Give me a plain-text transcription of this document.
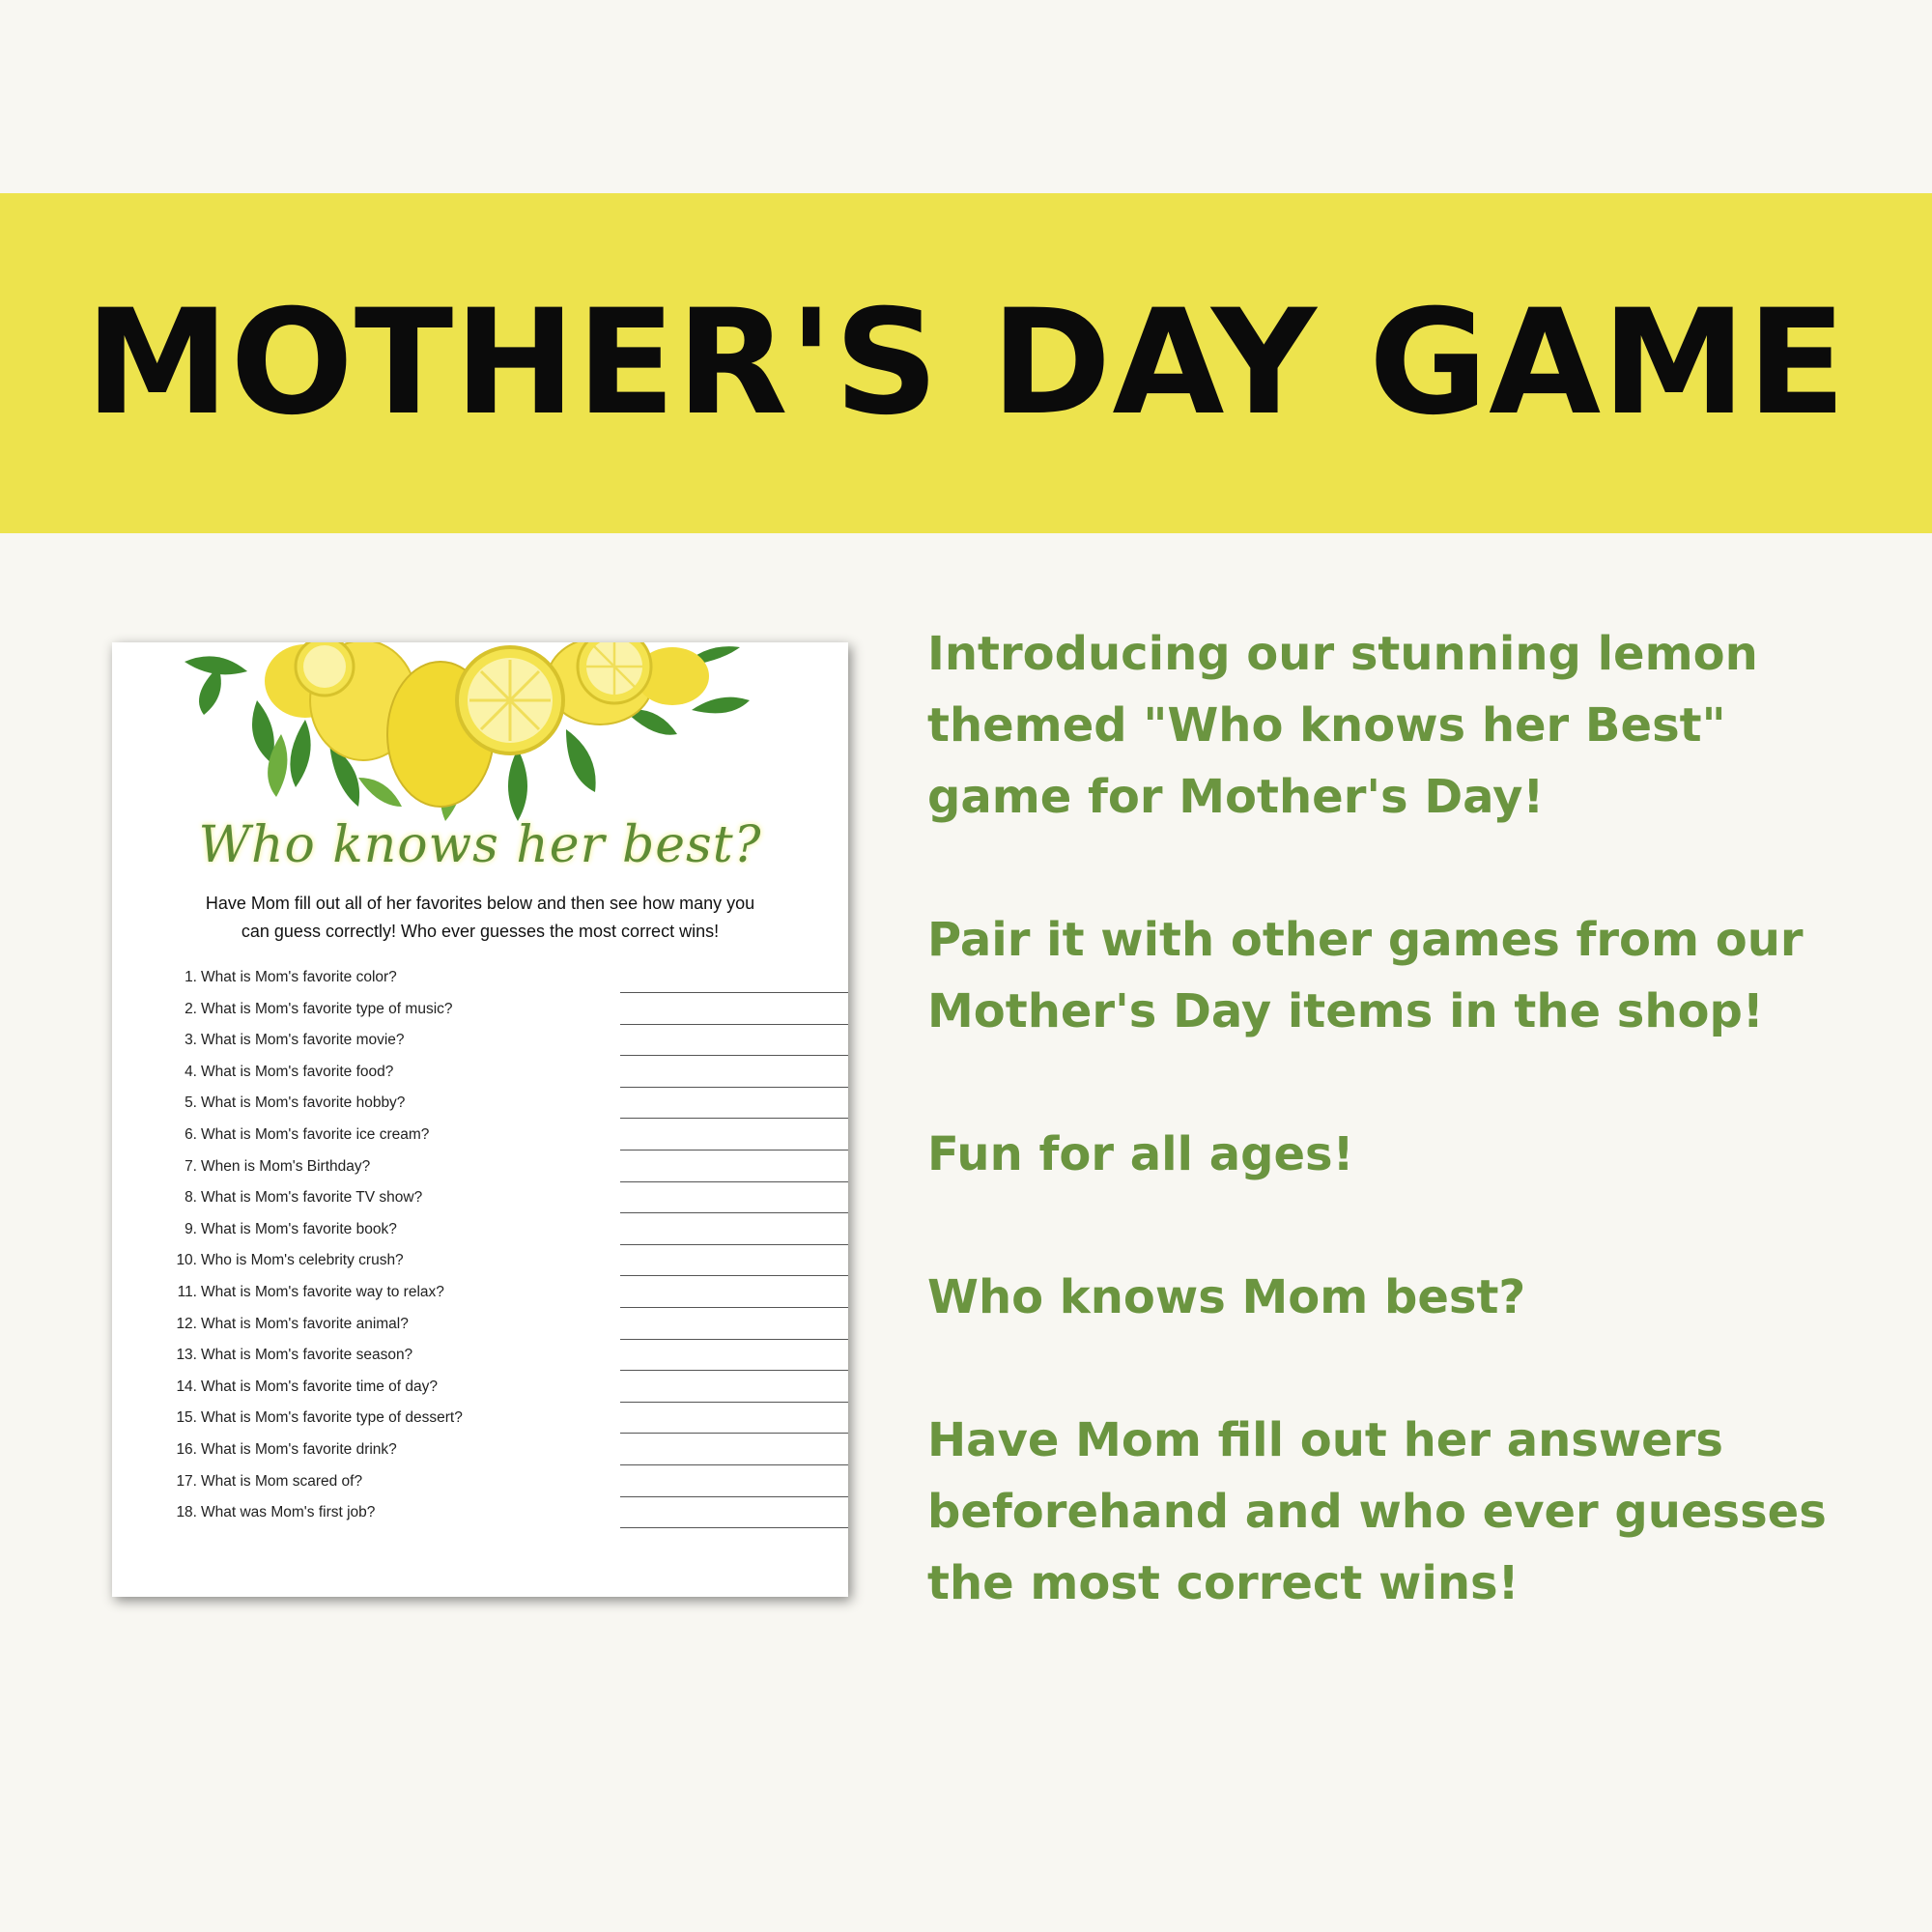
MOTHER'S DAY GAME
Who knows her best?
Have Mom fill out all of her favorites below and then see how many you
can guess correctly! Who ever guesses the most correct wins!
1. What is Mom's favorite color?
2. What is Mom's favorite type of music?
3. What is Mom's favorite movie?
4. What is Mom's favorite food?
5. What is Mom's favorite hobby?
6. What is Mom's favorite ice cream?
7. When is Mom's Birthday?
8. What is Mom's favorite TV show?
9. What is Mom's favorite book?
10. Who is Mom's celebrity crush?
11. What is Mom's favorite way to relax?
12. What is Mom's favorite animal?
13. What is Mom's favorite season?
14. What is Mom's favorite time of day?
15. What is Mom's favorite type of dessert?
16. What is Mom's favorite drink?
17. What is Mom scared of?
18. What was Mom's first job?

Introducing our stunning lemon
themed "Who knows her Best"
game for Mother's Day!

Pair it with other games from our
Mother's Day items in the shop!

Fun for all ages!

Who knows Mom best?

Have Mom fill out her answers
beforehand and who ever guesses
the most correct wins!
